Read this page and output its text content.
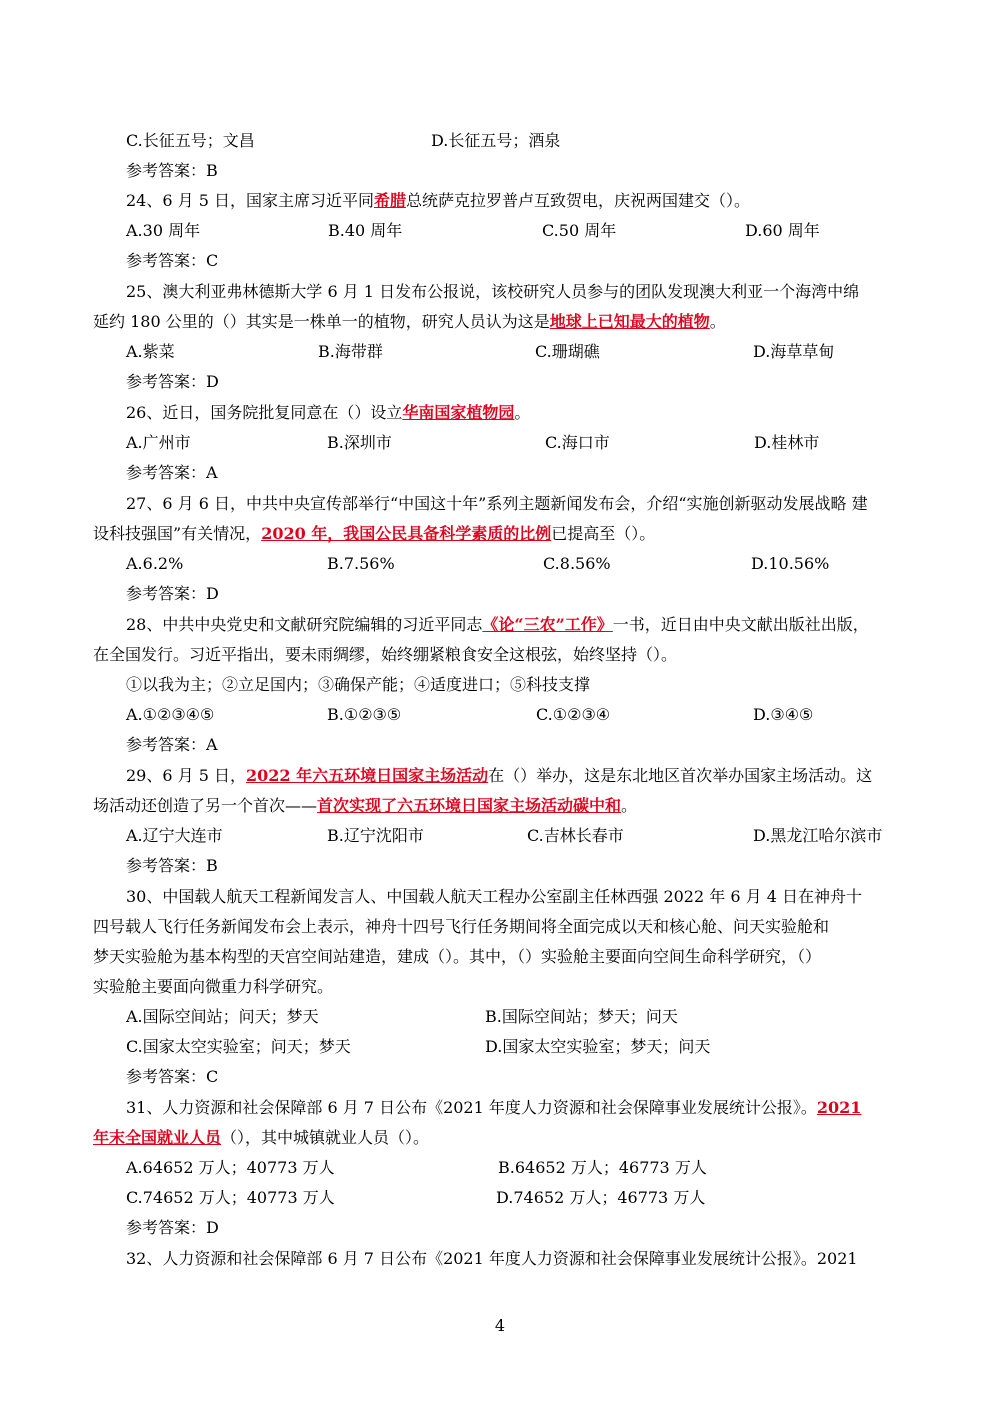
C.长征五号；文昌	D.长征五号；酒泉
参考答案：B
24、6 月 5 日，国家主席习近平同希腊总统萨克拉罗普卢互致贺电，庆祝两国建交（）。
A.30 周年	B.40 周年	C.50 周年	D.60 周年
参考答案：C
25、澳大利亚弗林德斯大学 6 月 1 日发布公报说，该校研究人员参与的团队发现澳大利亚一个海湾中绵
延约 180 公里的（）其实是一株单一的植物，研究人员认为这是地球上已知最大的植物。
A.紫菜	B.海带群	C.珊瑚礁	D.海草草甸
参考答案：D
26、近日，国务院批复同意在（）设立华南国家植物园。
A.广州市	B.深圳市	C.海口市	D.桂林市
参考答案：A
27、6 月 6 日，中共中央宣传部举行“中国这十年”系列主题新闻发布会，介绍“实施创新驱动发展战略 建
设科技强国”有关情况，2020 年，我国公民具备科学素质的比例已提高至（）。
A.6.2%	B.7.56%	C.8.56%	D.10.56%
参考答案：D
28、中共中央党史和文献研究院编辑的习近平同志《论“三农”工作》一书，近日由中央文献出版社出版，
在全国发行。习近平指出，要未雨绸缪，始终绷紧粮食安全这根弦，始终坚持（）。
①以我为主；②立足国内；③确保产能；④适度进口；⑤科技支撑
A.①②③④⑤	B.①②③⑤	C.①②③④	D.③④⑤
参考答案：A
29、6 月 5 日，2022 年六五环境日国家主场活动在（）举办，这是东北地区首次举办国家主场活动。这
场活动还创造了另一个首次——首次实现了六五环境日国家主场活动碳中和。
A.辽宁大连市	B.辽宁沈阳市	C.吉林长春市	D.黑龙江哈尔滨市
参考答案：B
30、中国载人航天工程新闻发言人、中国载人航天工程办公室副主任林西强 2022 年 6 月 4 日在神舟十
四号载人飞行任务新闻发布会上表示，神舟十四号飞行任务期间将全面完成以天和核心舱、问天实验舱和
梦天实验舱为基本构型的天宫空间站建造，建成（）。其中，（）实验舱主要面向空间生命科学研究，（）
实验舱主要面向微重力科学研究。
A.国际空间站；问天；梦天	B.国际空间站；梦天；问天
C.国家太空实验室；问天；梦天	D.国家太空实验室；梦天；问天
参考答案：C
31、人力资源和社会保障部 6 月 7 日公布《2021 年度人力资源和社会保障事业发展统计公报》。2021
年末全国就业人员（），其中城镇就业人员（）。
A.64652 万人；40773 万人	B.64652 万人；46773 万人
C.74652 万人；40773 万人	D.74652 万人；46773 万人
参考答案：D
32、人力资源和社会保障部 6 月 7 日公布《2021 年度人力资源和社会保障事业发展统计公报》。2021
4
